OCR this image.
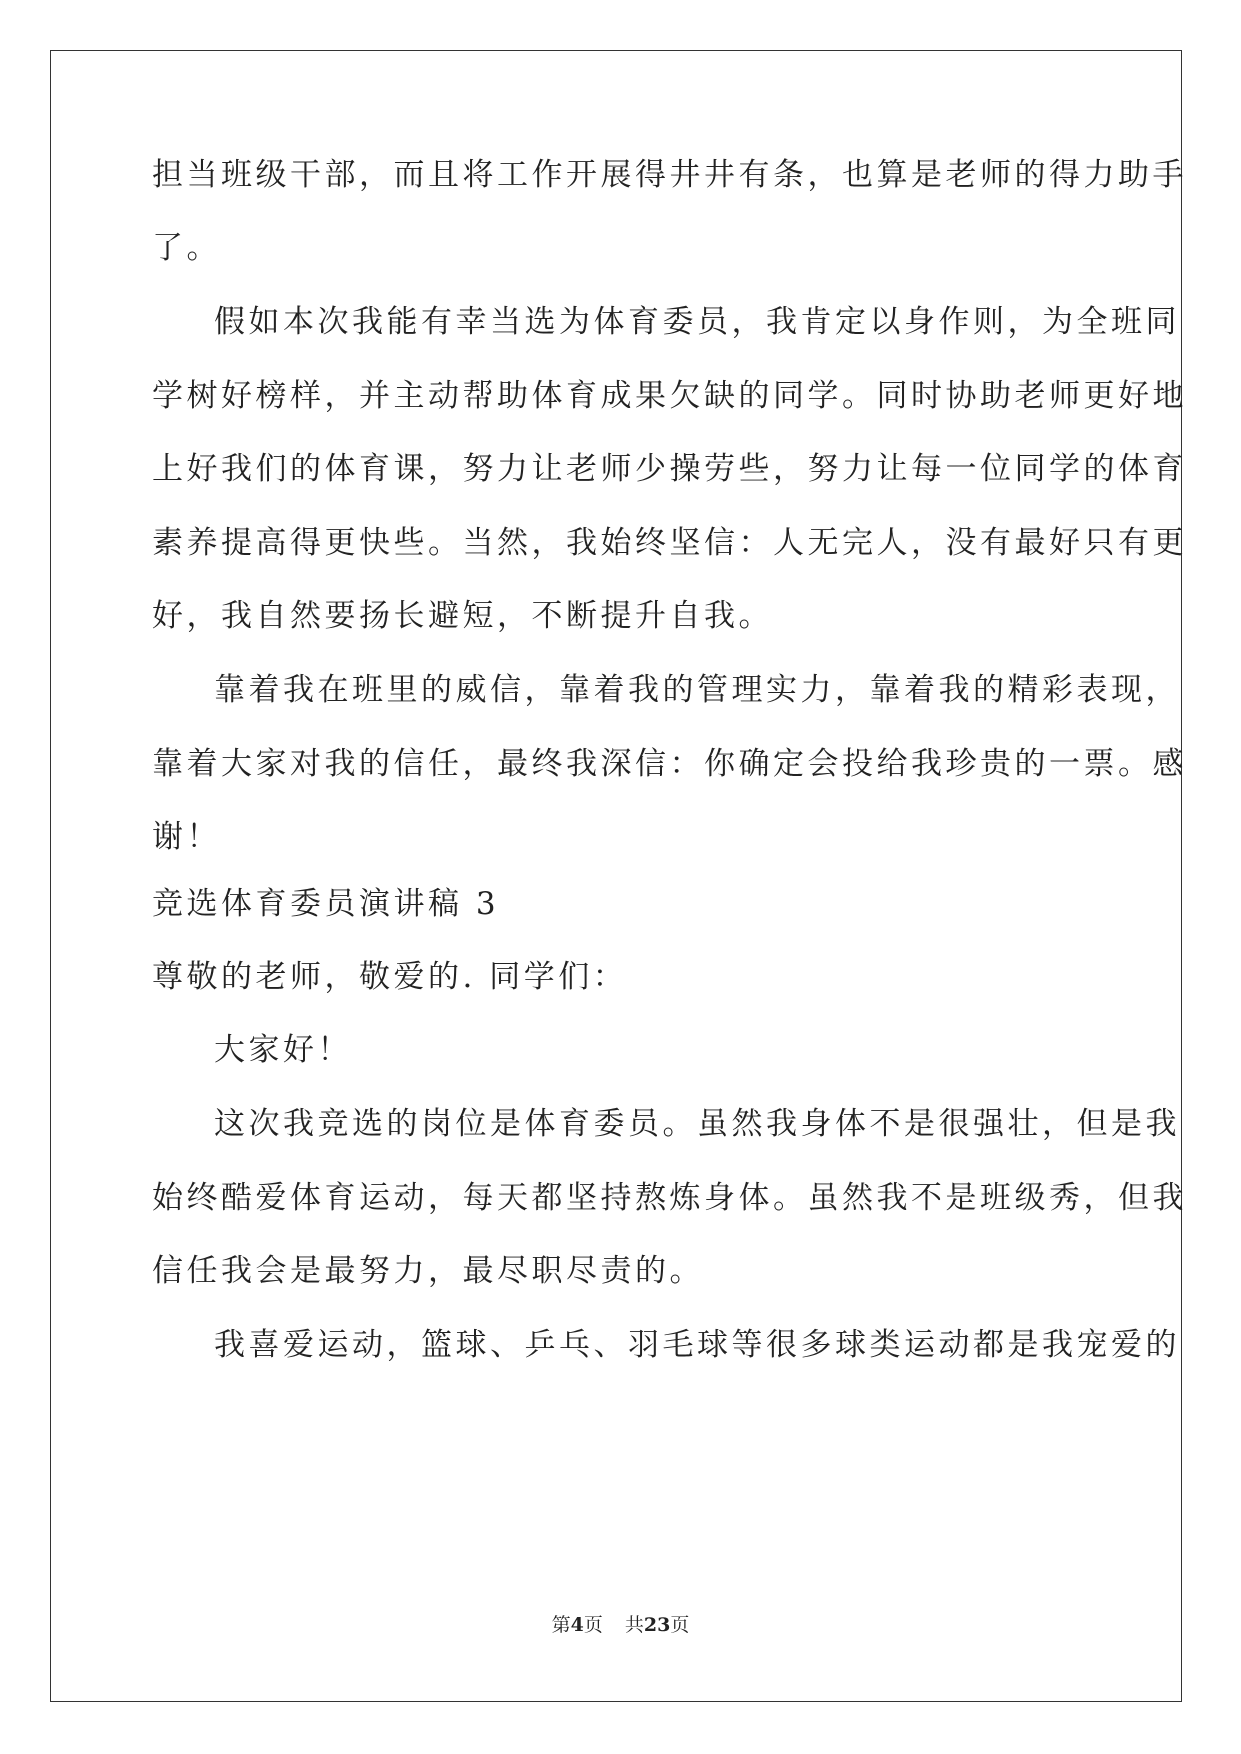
担当班级干部，而且将工作开展得井井有条，也算是老师的得力助手
了。
假如本次我能有幸当选为体育委员，我肯定以身作则，为全班同
学树好榜样，并主动帮助体育成果欠缺的同学。同时协助老师更好地
上好我们的体育课，努力让老师少操劳些，努力让每一位同学的体育
素养提高得更快些。当然，我始终坚信：人无完人，没有最好只有更
好，我自然要扬长避短，不断提升自我。
靠着我在班里的威信，靠着我的管理实力，靠着我的精彩表现，
靠着大家对我的信任，最终我深信：你确定会投给我珍贵的一票。感
谢！
竞选体育委员演讲稿 3
尊敬的老师，敬爱的. 同学们：
大家好！
这次我竞选的岗位是体育委员。虽然我身体不是很强壮，但是我
始终酷爱体育运动，每天都坚持熬炼身体。虽然我不是班级秀，但我
信任我会是最努力，最尽职尽责的。
我喜爱运动，篮球、乒乓、羽毛球等很多球类运动都是我宠爱的
第4页 共23页
